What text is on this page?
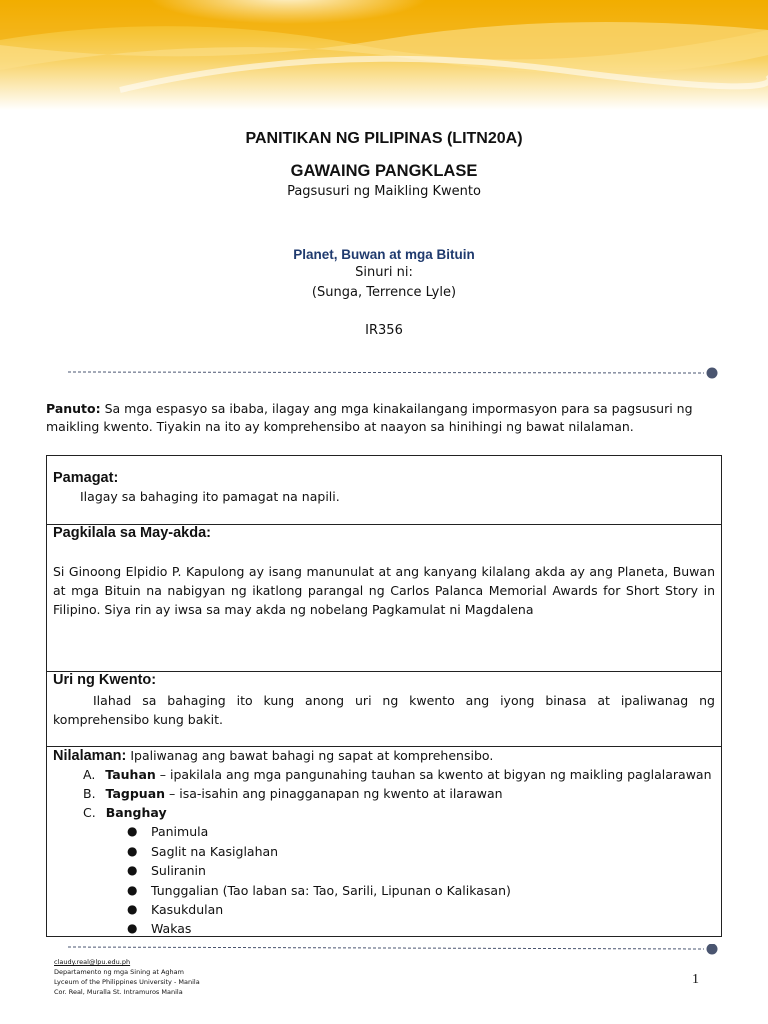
PANITIKAN NG PILIPINAS (LITN20A)
GAWAING PANGKLASE
Pagsusuri ng Maikling Kwento
Planet, Buwan at mga Bituin
Sinuri ni:
(Sunga, Terrence Lyle)
IR356
Panuto: Sa mga espasyo sa ibaba, ilagay ang mga kinakailangang impormasyon para sa pagsusuri ng maikling kwento. Tiyakin na ito ay komprehensibo at naayon sa hinihingi ng bawat nilalaman.
Pamagat:
Ilagay sa bahaging ito pamagat na napili.
Pagkilala sa May-akda:
Si Ginoong Elpidio P. Kapulong ay isang manunulat at ang kanyang kilalang akda ay ang Planeta, Buwan at mga Bituin na nabigyan ng ikatlong parangal ng Carlos Palanca Memorial Awards for Short Story in Filipino. Siya rin ay iwsa sa may akda ng nobelang Pagkamulat ni Magdalena
Uri ng Kwento:
Ilahad sa bahaging ito kung anong uri ng kwento ang iyong binasa at ipaliwanag ng komprehensibo kung bakit.
Nilalaman: Ipaliwanag ang bawat bahagi ng sapat at komprehensibo.
A. Tauhan – ipakilala ang mga pangunahing tauhan sa kwento at bigyan ng maikling paglalarawan
B. Tagpuan – isa-isahin ang pinagganapan ng kwento at ilarawan
C. Banghay
● Panimula
● Saglit na Kasiglahan
● Suliranin
● Tunggalian (Tao laban sa: Tao, Sarili, Lipunan o Kalikasan)
● Kasukdulan
● Wakas
claudy.real@lpu.edu.ph
Departamento ng mga Sining at Agham
Lyceum of the Philippines University - Manila
Cor. Real, Muralla St. Intramuros Manila
1
